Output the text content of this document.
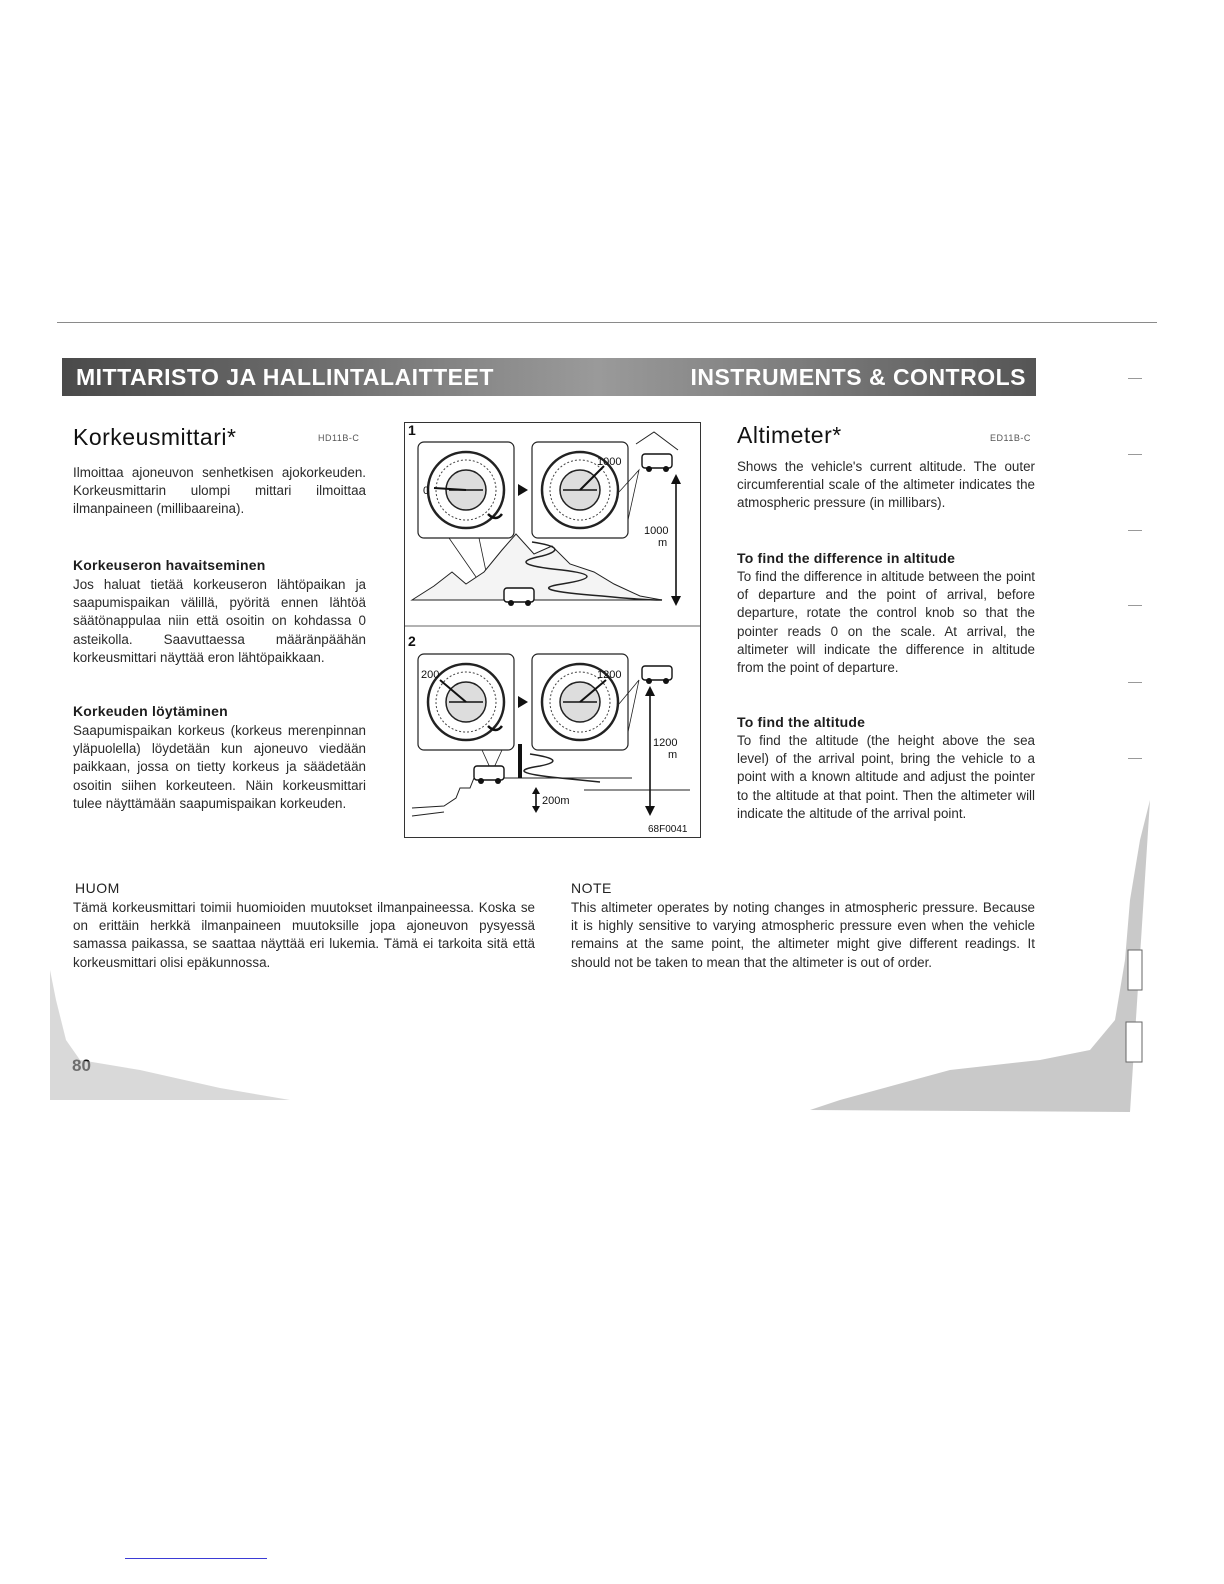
MITTARISTO JA HALLINTALAITTEET	INSTRUMENTS & CONTROLS
Korkeusmittari*	HD11B-C

Ilmoittaa ajoneuvon senhetkisen ajokorkeuden. Korkeusmittarin ulompi mittari ilmoittaa ilmanpaineen (millibaareina).

Korkeuseron havaitseminen

Jos haluat tietää korkeuseron lähtöpaikan ja saapumispaikan välillä, pyöritä ennen lähtöä säätönappulaa niin että osoitin on kohdassa 0 asteikolla. Saavuttaessa määränpäähän korkeusmittari näyttää eron lähtöpaikkaan.

Korkeuden löytäminen

Saapumispaikan korkeus (korkeus merenpinnan yläpuolella) löydetään kun ajoneuvo viedään paikkaan, jossa on tietty korkeus ja säädetään osoitin siihen korkeuteen. Näin korkeusmittari tulee näyttämään saapumispaikan korkeuden.

1
0
1000
1000
m
2
200	1200
1200
m
200m
68F0041
Altimeter*	ED11B-C

Shows the vehicle's current altitude. The outer circumferential scale of the altimeter indicates the atmospheric pressure (in millibars).

To find the difference in altitude

To find the difference in altitude between the point of departure and the point of arrival, before departure, rotate the control knob so that the pointer reads 0 on the scale. At arrival, the altimeter will indicate the difference in altitude from the point of departure.

To find the altitude

To find the altitude (the height above the sea level) of the arrival point, bring the vehicle to a point with a known altitude and adjust the pointer to the altitude at that point. Then the altimeter will indicate the altitude of the arrival point.

HUOM

Tämä korkeusmittari toimii huomioiden muutokset ilmanpaineessa. Koska se on erittäin herkkä ilmanpaineen muutoksille jopa ajoneuvon pysyessä samassa paikassa, se saattaa näyttää eri lukemia. Tämä ei tarkoita sitä että korkeusmittari olisi epäkunnossa.

NOTE

This altimeter operates by noting changes in atmospheric pressure. Because it is highly sensitive to varying atmospheric pressure even when the vehicle remains at the same point, the altimeter might give different readings. It should not be taken to mean that the altimeter is out of order.
